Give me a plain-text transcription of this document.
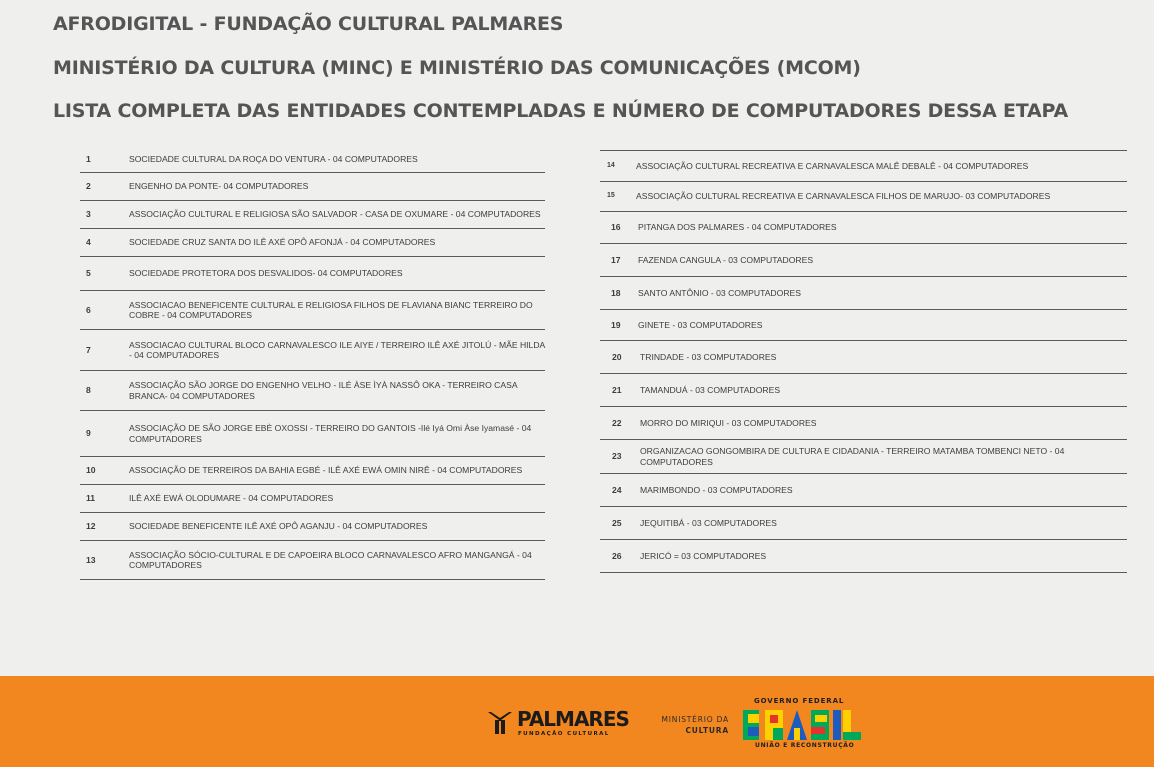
AFRODIGITAL - FUNDAÇÃO CULTURAL PALMARES
MINISTÉRIO DA CULTURA (MINC) E MINISTÉRIO DAS COMUNICAÇÕES (MCOM)
LISTA COMPLETA DAS ENTIDADES CONTEMPLADAS E NÚMERO DE COMPUTADORES DESSA ETAPA
1	SOCIEDADE CULTURAL DA ROÇA DO VENTURA - 04 COMPUTADORES
2	ENGENHO DA PONTE- 04 COMPUTADORES
3	ASSOCIAÇÃO CULTURAL E RELIGIOSA SÃO SALVADOR - CASA DE OXUMARE - 04 COMPUTADORES
4	SOCIEDADE CRUZ SANTA DO ILÊ AXÉ OPÔ AFONJÁ - 04 COMPUTADORES
5	SOCIEDADE PROTETORA DOS DESVALIDOS- 04 COMPUTADORES
6
ASSOCIACAO BENEFICENTE CULTURAL E RELIGIOSA FILHOS DE FLAVIANA BIANC TERREIRO DO COBRE - 04 COMPUTADORES
7
ASSOCIACAO CULTURAL BLOCO CARNAVALESCO ILE AIYE / TERREIRO ILÊ AXÉ JITOLÚ - MÃE HILDA - 04 COMPUTADORES
8
ASSOCIAÇÃO SÃO JORGE DO ENGENHO VELHO - ILÉ ÀSE ÌYÀ NASSÔ OKA - TERREIRO CASA BRANCA- 04 COMPUTADORES
9
ASSOCIAÇÃO DE SÃO JORGE EBÈ OXOSSI - TERREIRO DO GANTOIS -Ilé Iyá Omi Àse Iyamasé - 04 COMPUTADORES
10	ASSOCIAÇÃO DE TERREIROS DA BAHIA EGBÉ - ILÊ AXÉ EWÁ OMIN NIRÊ - 04 COMPUTADORES
11	ILÊ AXÉ EWÁ OLODUMARE - 04 COMPUTADORES
12	SOCIEDADE BENEFICENTE ILÊ AXÉ OPÔ AGANJU - 04 COMPUTADORES
13
ASSOCIAÇÃO SÓCIO-CULTURAL E DE CAPOEIRA BLOCO CARNAVALESCO AFRO MANGANGÁ - 04 COMPUTADORES
14	ASSOCIAÇÃO CULTURAL RECREATIVA E CARNAVALESCA MALÊ DEBALÊ - 04 COMPUTADORES
15	ASSOCIAÇÃO CULTURAL RECREATIVA E CARNAVALESCA FILHOS DE MARUJO- 03 COMPUTADORES
16	PITANGA DOS PALMARES - 04 COMPUTADORES
17	FAZENDA CANGULA - 03 COMPUTADORES
18	SANTO ANTÔNIO - 03 COMPUTADORES
19	GINETE - 03 COMPUTADORES
20	TRINDADE - 03 COMPUTADORES
21	TAMANDUÁ - 03 COMPUTADORES
22	MORRO DO MIRIQUI - 03 COMPUTADORES
23
ORGANIZACAO GONGOMBIRA DE CULTURA E CIDADANIA - TERREIRO MATAMBA TOMBENCI NETO - 04 COMPUTADORES
24	MARIMBONDO - 03 COMPUTADORES
25	JEQUITIBÁ - 03 COMPUTADORES
26	JERICÓ = 03 COMPUTADORES
PALMARES
FUNDAÇÃO CULTURAL
MINISTÉRIO DA
CULTURA
GOVERNO FEDERAL
UNIÃO E RECONSTRUÇÃO
